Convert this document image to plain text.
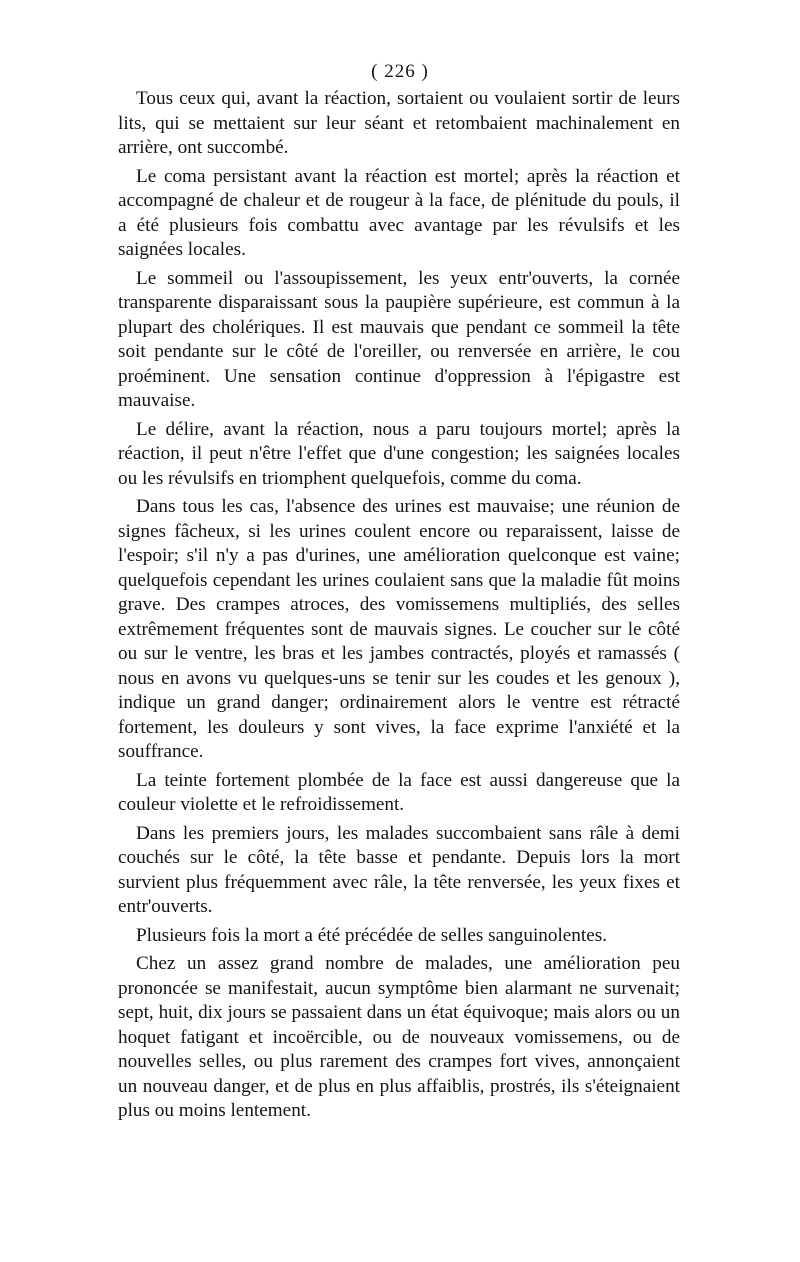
( 226 )

Tous ceux qui, avant la réaction, sortaient ou voulaient sortir de leurs lits, qui se mettaient sur leur séant et retombaient machinalement en arrière, ont succombé.

Le coma persistant avant la réaction est mortel; après la réaction et accompagné de chaleur et de rougeur à la face, de plénitude du pouls, il a été plusieurs fois combattu avec avantage par les révulsifs et les saignées locales.

Le sommeil ou l'assoupissement, les yeux entr'ouverts, la cornée transparente disparaissant sous la paupière supérieure, est commun à la plupart des cholériques. Il est mauvais que pendant ce sommeil la tête soit pendante sur le côté de l'oreiller, ou renversée en arrière, le cou proéminent. Une sensation continue d'oppression à l'épigastre est mauvaise.

Le délire, avant la réaction, nous a paru toujours mortel; après la réaction, il peut n'être l'effet que d'une congestion; les saignées locales ou les révulsifs en triomphent quelquefois, comme du coma.

Dans tous les cas, l'absence des urines est mauvaise; une réunion de signes fâcheux, si les urines coulent encore ou reparaissent, laisse de l'espoir; s'il n'y a pas d'urines, une amélioration quelconque est vaine; quelquefois cependant les urines coulaient sans que la maladie fût moins grave. Des crampes atroces, des vomissemens multipliés, des selles extrêmement fréquentes sont de mauvais signes. Le coucher sur le côté ou sur le ventre, les bras et les jambes contractés, ployés et ramassés ( nous en avons vu quelques-uns se tenir sur les coudes et les genoux ), indique un grand danger; ordinairement alors le ventre est rétracté fortement, les douleurs y sont vives, la face exprime l'anxiété et la souffrance.

La teinte fortement plombée de la face est aussi dangereuse que la couleur violette et le refroidissement.

Dans les premiers jours, les malades succombaient sans râle à demi couchés sur le côté, la tête basse et pendante. Depuis lors la mort survient plus fréquemment avec râle, la tête renversée, les yeux fixes et entr'ouverts.

Plusieurs fois la mort a été précédée de selles sanguinolentes.

Chez un assez grand nombre de malades, une amélioration peu prononcée se manifestait, aucun symptôme bien alarmant ne survenait; sept, huit, dix jours se passaient dans un état équivoque; mais alors ou un hoquet fatigant et incoërcible, ou de nouveaux vomissemens, ou de nouvelles selles, ou plus rarement des crampes fort vives, annonçaient un nouveau danger, et de plus en plus affaiblis, prostrés, ils s'éteignaient plus ou moins lentement.
